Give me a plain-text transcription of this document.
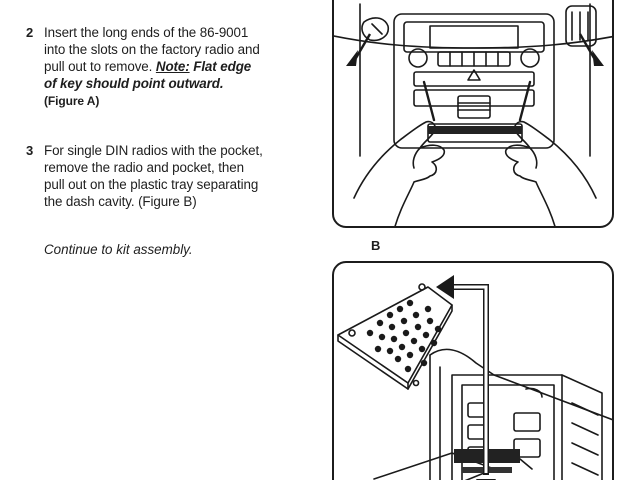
2 Insert the long ends of the 86-9001
into the slots on the factory radio and
pull out to remove. Note: Flat edge
of key should point outward.
(Figure A)
3 For single DIN radios with the pocket,
remove the radio and pocket, then
pull out on the plastic tray separating
the dash cavity. (Figure B)
Continue to kit assembly.	B
